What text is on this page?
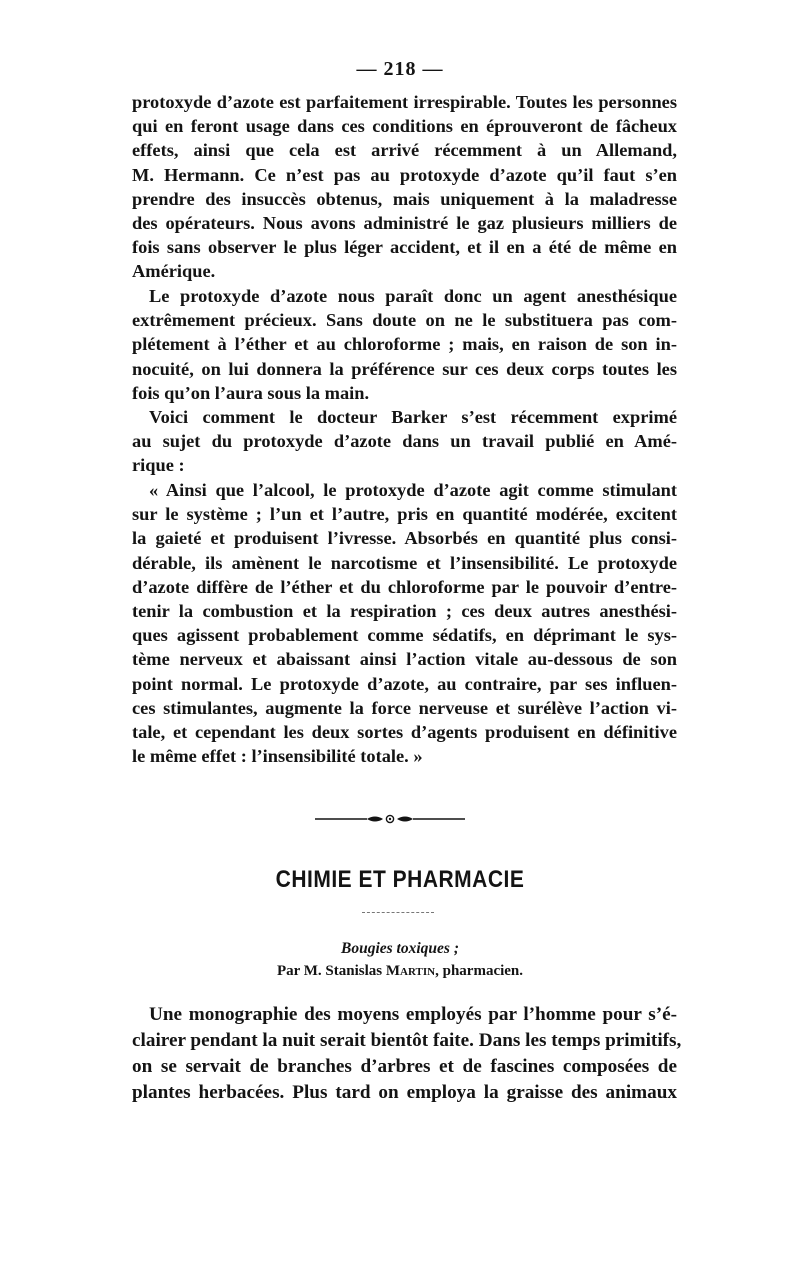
— 218 —
protoxyde d’azote est parfaitement irrespirable. Toutes les personnes
qui en feront usage dans ces conditions en éprouveront de fâcheux
effets, ainsi que cela est arrivé récemment à un Allemand,
M. Hermann. Ce n’est pas au protoxyde d’azote qu’il faut s’en
prendre des insuccès obtenus, mais uniquement à la maladresse
des opérateurs. Nous avons administré le gaz plusieurs milliers de
fois sans observer le plus léger accident, et il en a été de même en
Amérique.
Le protoxyde d’azote nous paraît donc un agent anesthésique
extrêmement précieux. Sans doute on ne le substituera pas com-
plétement à l’éther et au chloroforme ; mais, en raison de son in-
nocuité, on lui donnera la préférence sur ces deux corps toutes les
fois qu’on l’aura sous la main.
Voici comment le docteur Barker s’est récemment exprimé
au sujet du protoxyde d’azote dans un travail publié en Amé-
rique :
« Ainsi que l’alcool, le protoxyde d’azote agit comme stimulant
sur le système ; l’un et l’autre, pris en quantité modérée, excitent
la gaieté et produisent l’ivresse. Absorbés en quantité plus consi-
dérable, ils amènent le narcotisme et l’insensibilité. Le protoxyde
d’azote diffère de l’éther et du chloroforme par le pouvoir d’entre-
tenir la combustion et la respiration ; ces deux autres anesthési-
ques agissent probablement comme sédatifs, en déprimant le sys-
tème nerveux et abaissant ainsi l’action vitale au-dessous de son
point normal. Le protoxyde d’azote, au contraire, par ses influen-
ces stimulantes, augmente la force nerveuse et surélève l’action vi-
tale, et cependant les deux sortes d’agents produisent en définitive
le même effet : l’insensibilité totale. »
CHIMIE ET PHARMACIE
Bougies toxiques ;
Par M. Stanislas Martin, pharmacien.
Une monographie des moyens employés par l’homme pour s’é-
clairer pendant la nuit serait bientôt faite. Dans les temps primitifs,
on se servait de branches d’arbres et de fascines composées de
plantes herbacées. Plus tard on employa la graisse des animaux
